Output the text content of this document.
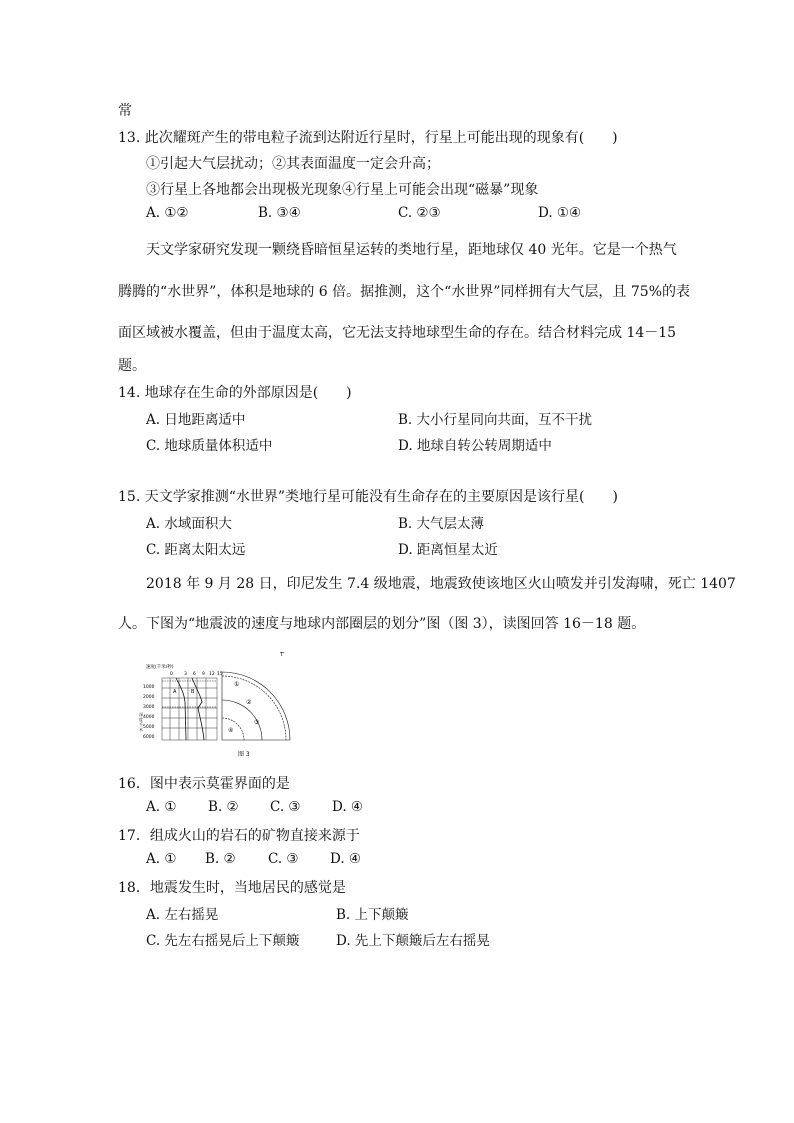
常
13. 此次耀斑产生的带电粒子流到达附近行星时，行星上可能出现的现象有(　　)
①引起大气层扰动；②其表面温度一定会升高；
③行星上各地都会出现极光现象④行星上可能会出现“磁暴”现象
A. ①②	B. ③④	C. ②③	D. ①④
天文学家研究发现一颗绕昏暗恒星运转的类地行星，距地球仅 40 光年。它是一个热气
腾腾的“水世界”，体积是地球的 6 倍。据推测，这个“水世界”同样拥有大气层，且 75%的表
面区域被水覆盖，但由于温度太高，它无法支持地球型生命的存在。结合材料完成 14－15
题。
14. 地球存在生命的外部原因是(　　)
A. 日地距离适中	B. 大小行星同向共面，互不干扰
C. 地球质量体积适中	D. 地球自转公转周期适中
15. 天文学家推测“水世界”类地行星可能没有生命存在的主要原因是该行星(　　)
A. 水域面积大	B. 大气层太薄
C. 距离太阳太远	D. 距离恒星太近
2018 年 9 月 28 日，印尼发生 7.4 级地震，地震致使该地区火山喷发并引发海啸，死亡 1407
人。下图为“地震波的速度与地球内部圈层的划分”图（图 3），读图回答 16－18 题。
T'
速度(千米/秒)
0 3 6 9 12 15
1000
2000
3000
4000
5000
6000
深
度
千
米
A	B
①
②
③
④
图 3
16．图中表示莫霍界面的是
A. ① B. ② C. ③ D. ④
17．组成火山的岩石的矿物直接来源于
A. ① B. ② C. ③ D. ④
18．地震发生时，当地居民的感觉是
A. 左右摇晃	B. 上下颠簸
C. 先左右摇晃后上下颠簸	D. 先上下颠簸后左右摇晃
